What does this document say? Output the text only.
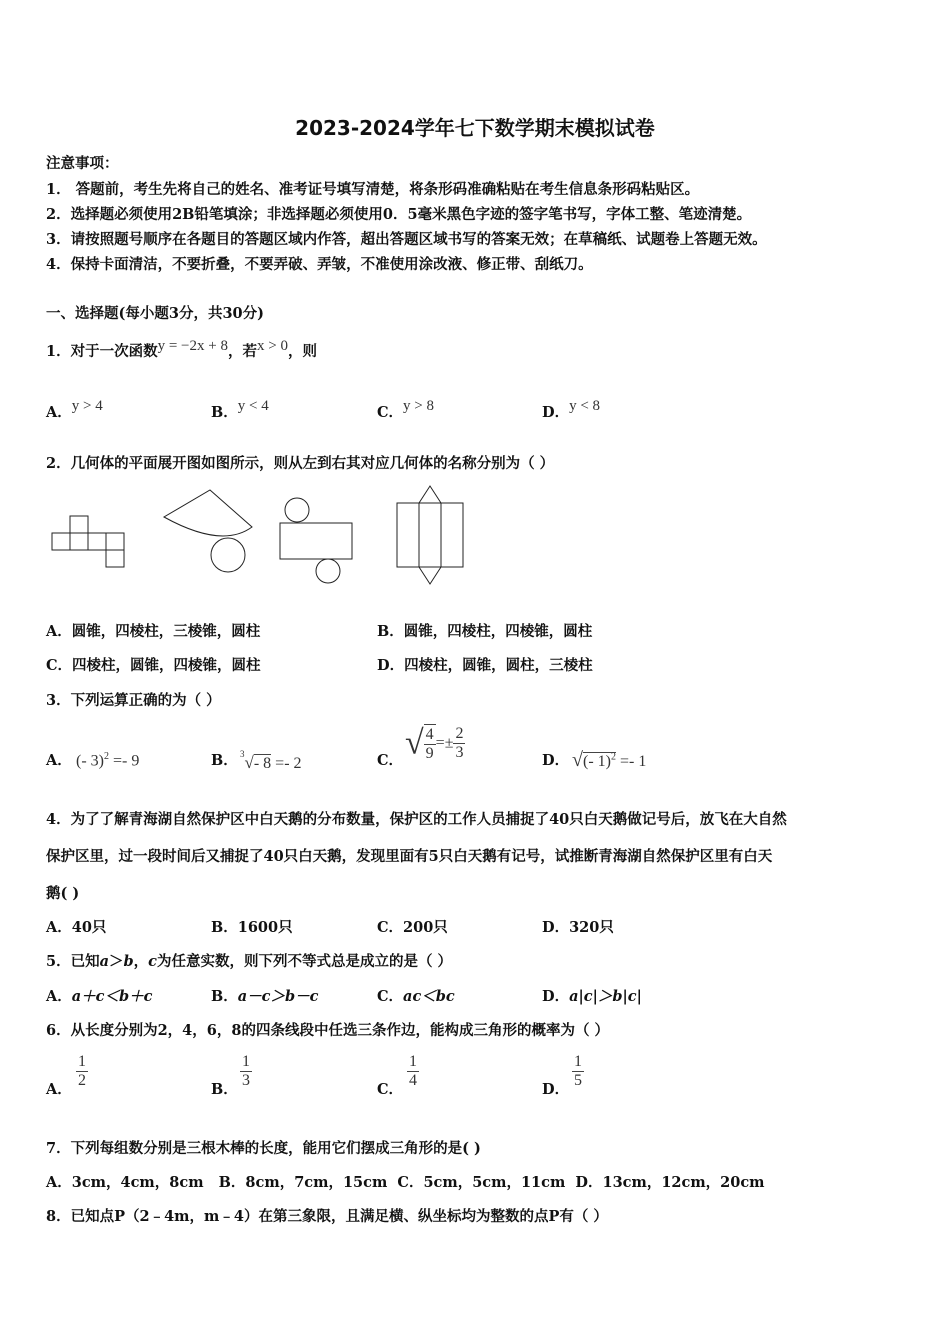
2023-2024学年七下数学期末模拟试卷
注意事项：
1． 答题前，考生先将自己的姓名、准考证号填写清楚，将条形码准确粘贴在考生信息条形码粘贴区。
2．选择题必须使用2B铅笔填涂；非选择题必须使用0．5毫米黑色字迹的签字笔书写，字体工整、笔迹清楚。
3．请按照题号顺序在各题目的答题区域内作答，超出答题区域书写的答案无效；在草稿纸、试题卷上答题无效。
4．保持卡面清洁，不要折叠，不要弄破、弄皱，不准使用涂改液、修正带、刮纸刀。
一、选择题(每小题3分，共30分)
1．对于一次函数y = −2x + 8，若x > 0，则
A．y > 4	B．y < 4	C．y > 8	D．y < 8
2．几何体的平面展开图如图所示，则从左到右其对应几何体的名称分别为（ ）
A．圆锥，四棱柱，三棱锥，圆柱	B．圆锥，四棱柱，四棱锥，圆柱
C．四棱柱，圆锥，四棱锥，圆柱	D．四棱柱，圆锥，圆柱，三棱柱
3．下列运算正确的为（ ）
A． (- 3)$^2$ =- 9	B． $^3$√- 8 =- 2	C． √ $\frac{4}{9} =\pm \frac{2}{3}$	D． √(- 1)$^2$ =- 1
4．为了了解青海湖自然保护区中白天鹅的分布数量，保护区的工作人员捕捉了40只白天鹅做记号后，放飞在大自然
保护区里，过一段时间后又捕捉了40只白天鹅，发现里面有5只白天鹅有记号，试推断青海湖自然保护区里有白天
鹅( )
A．40只	B．1600只	C．200只	D．320只
5．已知a＞b，c为任意实数，则下列不等式总是成立的是（ ）
A．a＋c＜b＋c	B．a－c＞b－c	C．ac＜bc	D．a|c|＞b|c|
6．从长度分别为2，4，6，8的四条线段中任选三条作边，能构成三角形的概率为（ ）
A． $\frac{1}{2}$	B． $\frac{1}{3}$	C． $\frac{1}{4}$	D． $\frac{1}{5}$
7．下列每组数分别是三根木棒的长度，能用它们摆成三角形的是( )
A．3cm，4cm，8cm   B．8cm，7cm，15cm  C．5cm，5cm，11cm  D．13cm，12cm，20cm
8．已知点P（2﹣4m，m﹣4）在第三象限，且满足横、纵坐标均为整数的点P有（ ）
